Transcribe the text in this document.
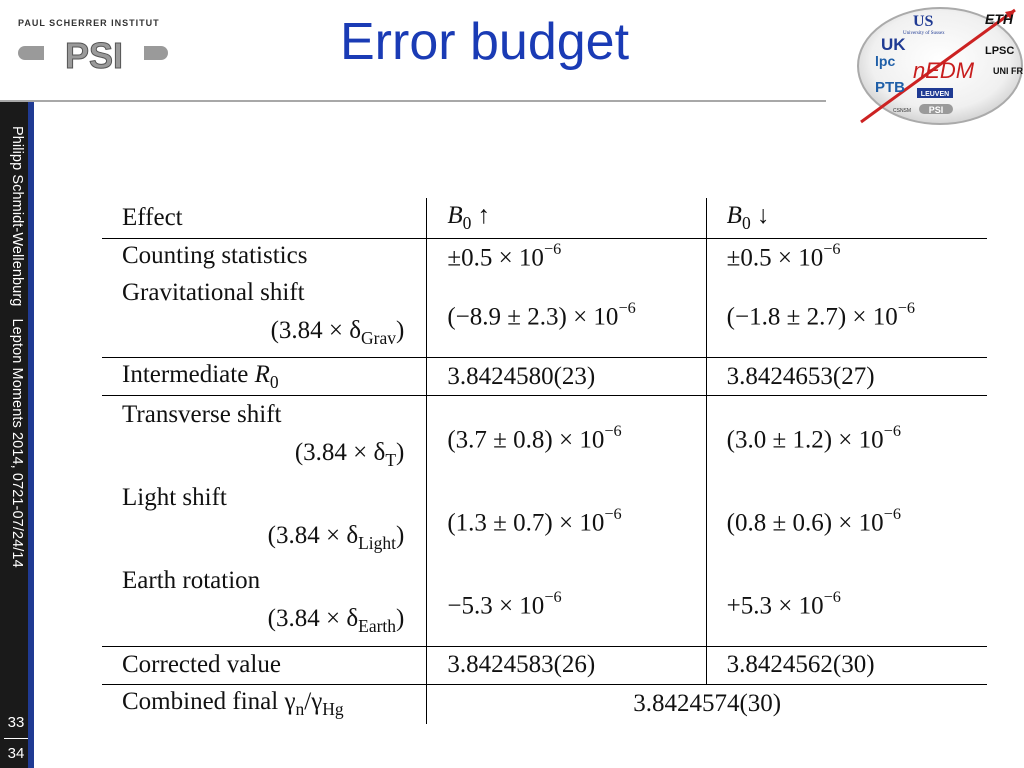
Philipp Schmidt-WellenburgLepton Moments 2014, 0721-07/24/14
33
34
PAUL SCHERRER INSTITUT
PSI	Error budget	US
University of Sussex
ETH
UK	LPSC
lpc nEDM UNI FR
PTB LEUVEN
CSNSM PSI
Effect	$B_0$ ↑	$B_0$ ↓
Counting statistics	$\pm 0.5 \times 10^{-6}$	$\pm 0.5 \times 10^{-6}$
Gravitational shift
$(3.84 \times \delta_{Grav})$	$(-8.9 \pm 2.3) \times 10^{-6}$	$(-1.8 \pm 2.7) \times 10^{-6}$
Intermediate $R_0$	3.8424580(23)	3.8424653(27)
Transverse shift
$(3.84 \times \delta_T)$	$(3.7 \pm 0.8) \times 10^{-6}$	$(3.0 \pm 1.2) \times 10^{-6}$
Light shift
$(3.84 \times \delta_{Light})$	$(1.3 \pm 0.7) \times 10^{-6}$	$(0.8 \pm 0.6) \times 10^{-6}$
Earth rotation
$(3.84 \times \delta_{Earth})$	$-5.3 \times 10^{-6}$	$+5.3 \times 10^{-6}$
Corrected value	3.8424583(26)	3.8424562(30)
Combined final $\gamma_n/\gamma_{Hg}$	3.8424574(30)	
